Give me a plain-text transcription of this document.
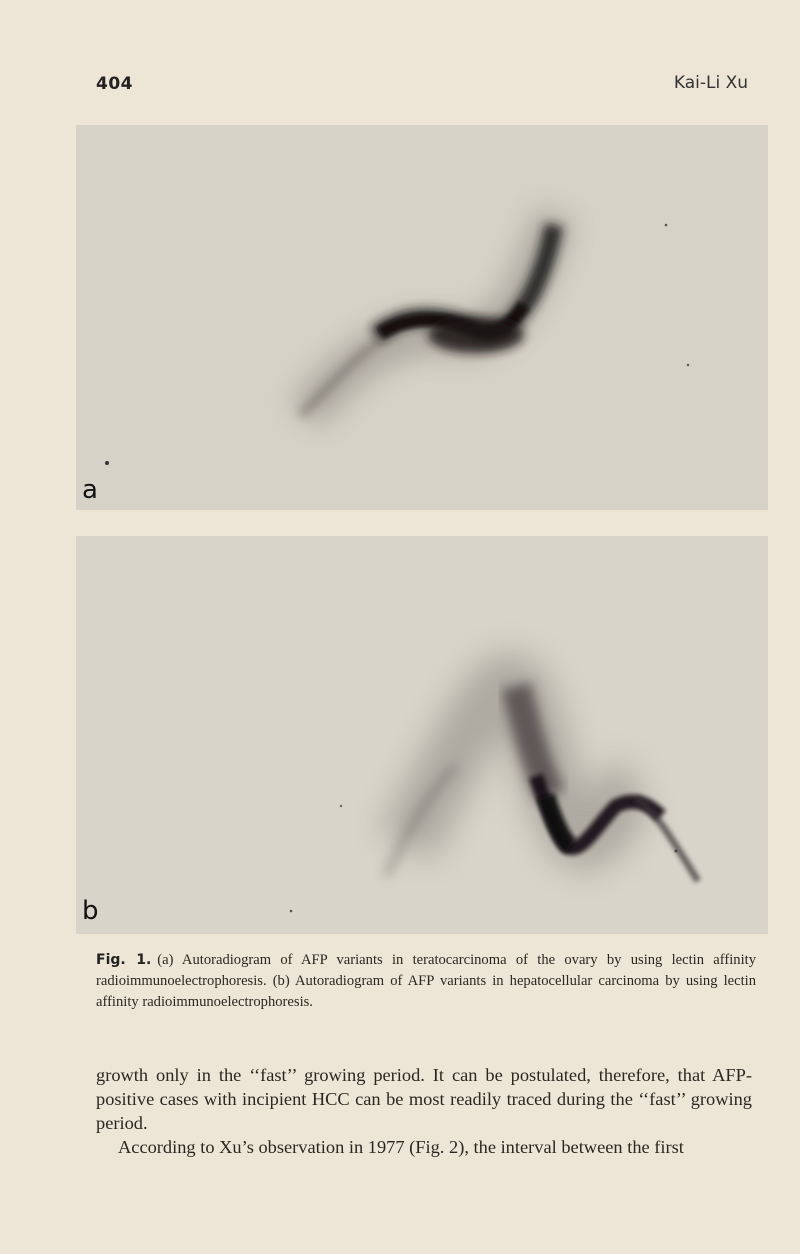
404	Kai-Li Xu
a
b
Fig. 1. (a) Autoradiogram of AFP variants in teratocarcinoma of the ovary by using lectin affinity radioimmunoelectrophoresis. (b) Autoradiogram of AFP variants in hepatocellular carcinoma by using lectin affinity radioimmunoelectrophoresis.

growth only in the ‘‘fast’’ growing period. It can be postulated, therefore, that AFP-positive cases with incipient HCC can be most readily traced during the ‘‘fast’’ growing period.

According to Xu’s observation in 1977 (Fig. 2), the interval between the first
